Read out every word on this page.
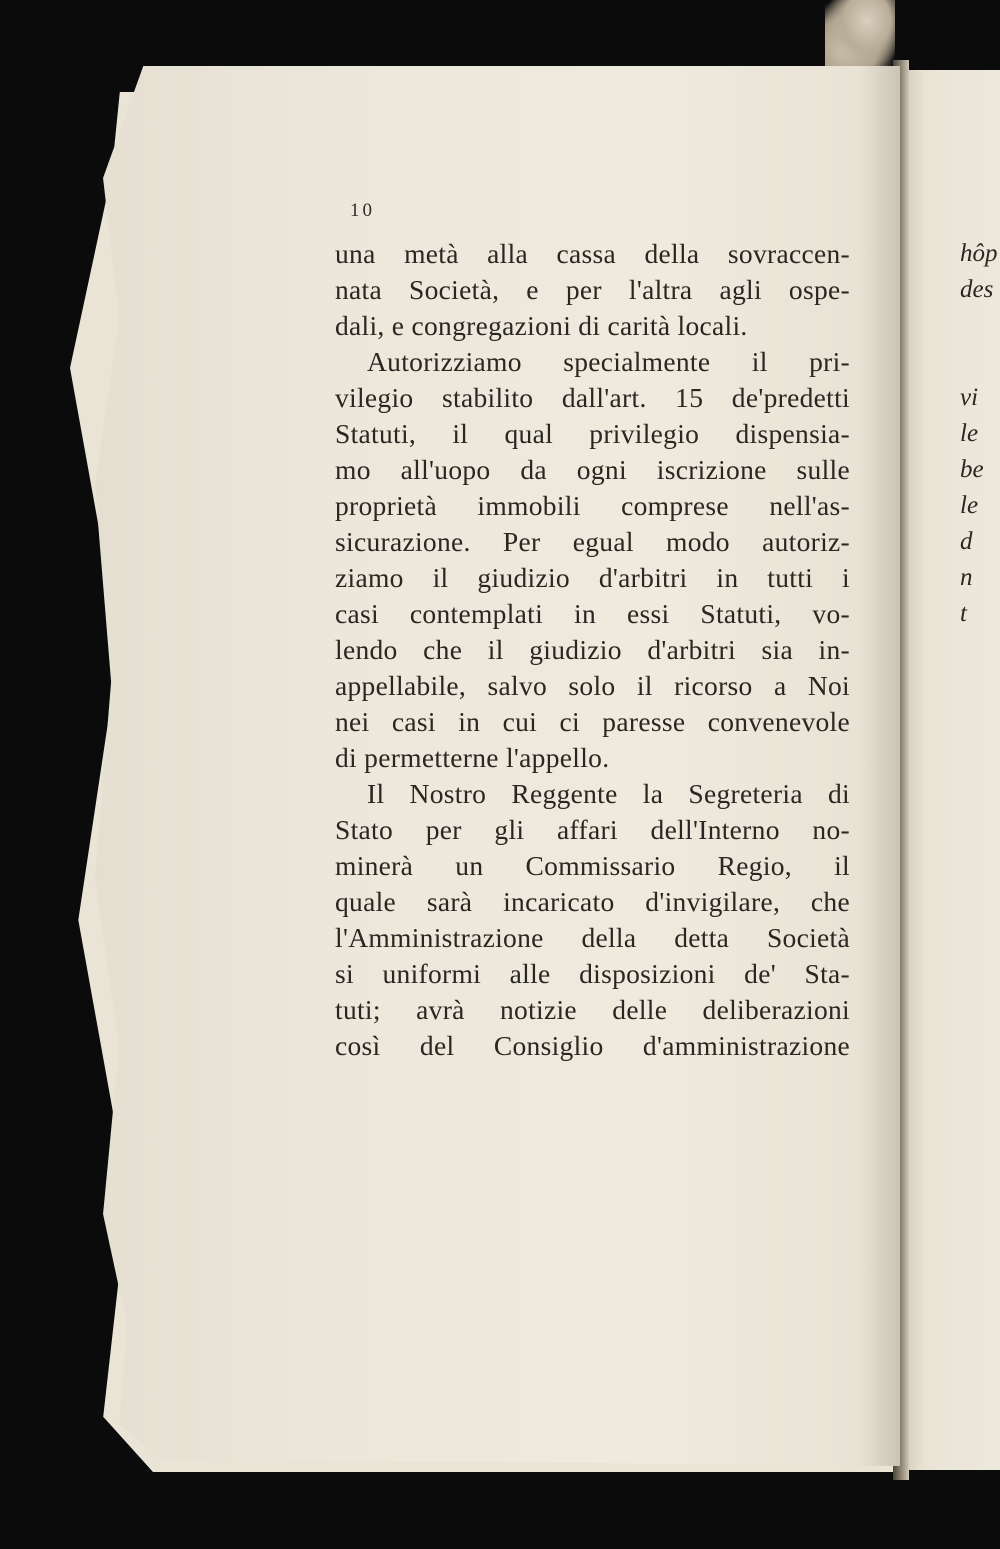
10
una metà alla cassa della sovraccen-
nata Società, e per l'altra agli ospe-
dali, e congregazioni di carità locali.
Autorizziamo specialmente il pri-
vilegio stabilito dall'art. 15 de'predetti
Statuti, il qual privilegio dispensia-
mo all'uopo da ogni iscrizione sulle
proprietà immobili comprese nell'as-
sicurazione. Per egual modo autoriz-
ziamo il giudizio d'arbitri in tutti i
casi contemplati in essi Statuti, vo-
lendo che il giudizio d'arbitri sia in-
appellabile, salvo solo il ricorso a Noi
nei casi in cui ci paresse convenevole
di permetterne l'appello.
Il Nostro Reggente la Segreteria di
Stato per gli affari dell'Interno no-
minerà un Commissario Regio, il
quale sarà incaricato d'invigilare, che
l'Amministrazione della detta Società
si uniformi alle disposizioni de' Sta-
tuti; avrà notizie delle deliberazioni
così del Consiglio d'amministrazione
hôp
des
vi
le
be
le
d
n
t
